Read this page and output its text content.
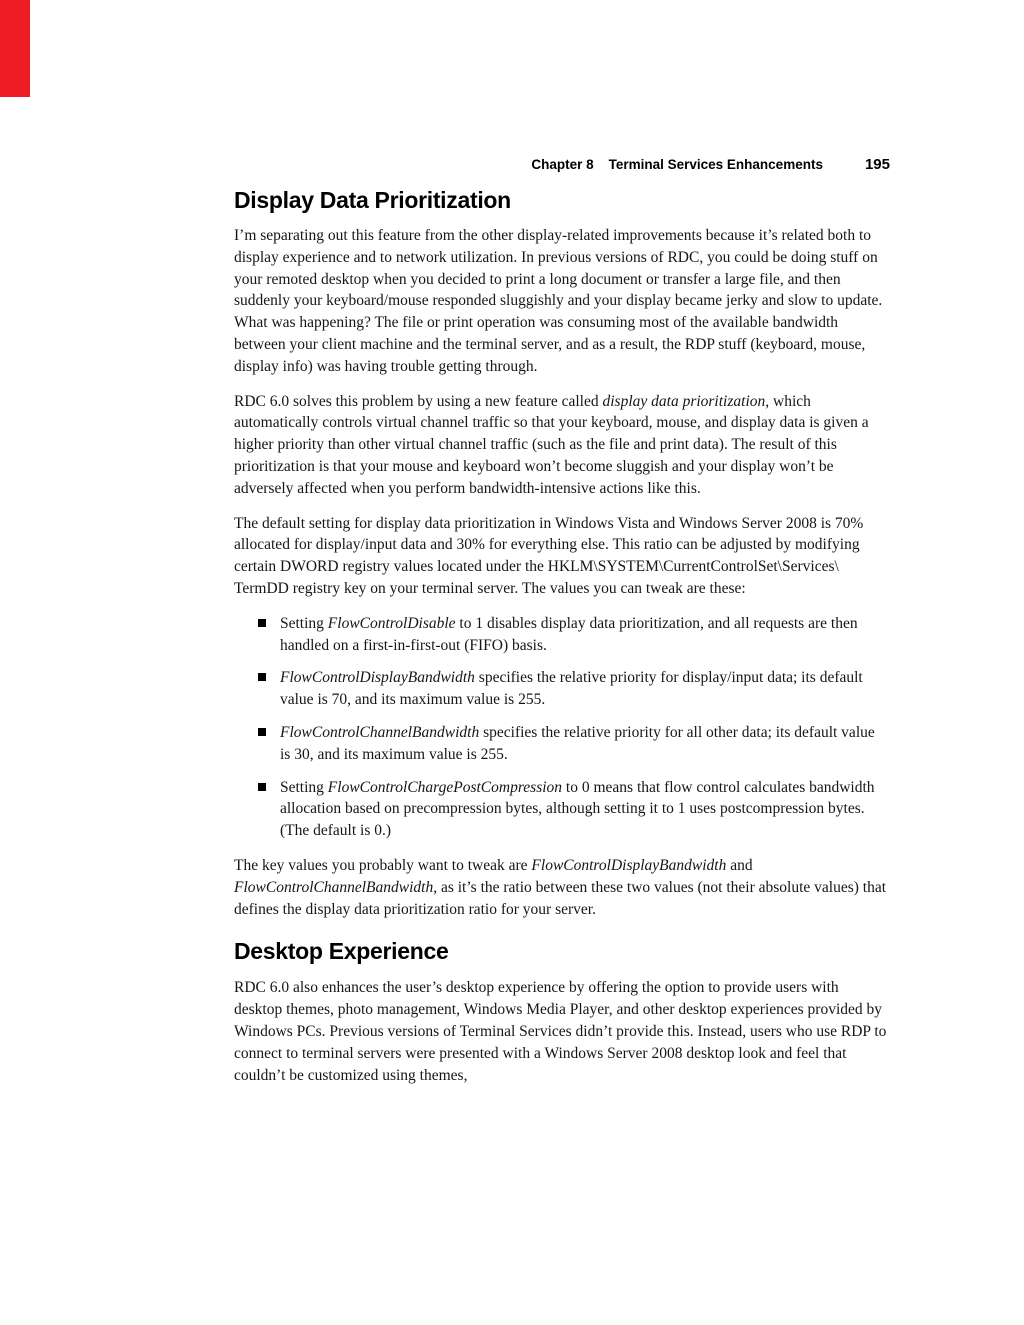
Chapter 8 Terminal Services Enhancements	195
Display Data Prioritization

I’m separating out this feature from the other display-related improvements because it’s related both to display experience and to network utilization. In previous versions of RDC, you could be doing stuff on your remoted desktop when you decided to print a long document or transfer a large file, and then suddenly your keyboard/mouse responded sluggishly and your display became jerky and slow to update. What was happening? The file or print operation was consuming most of the available bandwidth between your client machine and the terminal server, and as a result, the RDP stuff (keyboard, mouse, display info) was having trouble getting through.

RDC 6.0 solves this problem by using a new feature called display data prioritization, which automatically controls virtual channel traffic so that your keyboard, mouse, and display data is given a higher priority than other virtual channel traffic (such as the file and print data). The result of this prioritization is that your mouse and keyboard won’t become sluggish and your display won’t be adversely affected when you perform bandwidth-intensive actions like this.

The default setting for display data prioritization in Windows Vista and Windows Server 2008 is 70% allocated for display/input data and 30% for everything else. This ratio can be adjusted by modifying certain DWORD registry values located under the HKLM\​SYSTEM\​CurrentControlSet\​Services\​TermDD registry key on your terminal server. The values you can tweak are these:

Setting FlowControlDisable to 1 disables display data prioritization, and all requests are then handled on a first-in-first-out (FIFO) basis.
FlowControlDisplayBandwidth specifies the relative priority for display/input data; its default value is 70, and its maximum value is 255.
FlowControlChannelBandwidth specifies the relative priority for all other data; its default value is 30, and its maximum value is 255.
Setting FlowControlChargePostCompression to 0 means that flow control calculates bandwidth allocation based on precompression bytes, although setting it to 1 uses postcompression bytes. (The default is 0.)

The key values you probably want to tweak are FlowControlDisplayBandwidth and FlowControlChannelBandwidth, as it’s the ratio between these two values (not their absolute values) that defines the display data prioritization ratio for your server.

Desktop Experience

RDC 6.0 also enhances the user’s desktop experience by offering the option to provide users with desktop themes, photo management, Windows Media Player, and other desktop experiences provided by Windows PCs. Previous versions of Terminal Services didn’t provide this. Instead, users who use RDP to connect to terminal servers were presented with a Windows Server 2008 desktop look and feel that couldn’t be customized using themes,
